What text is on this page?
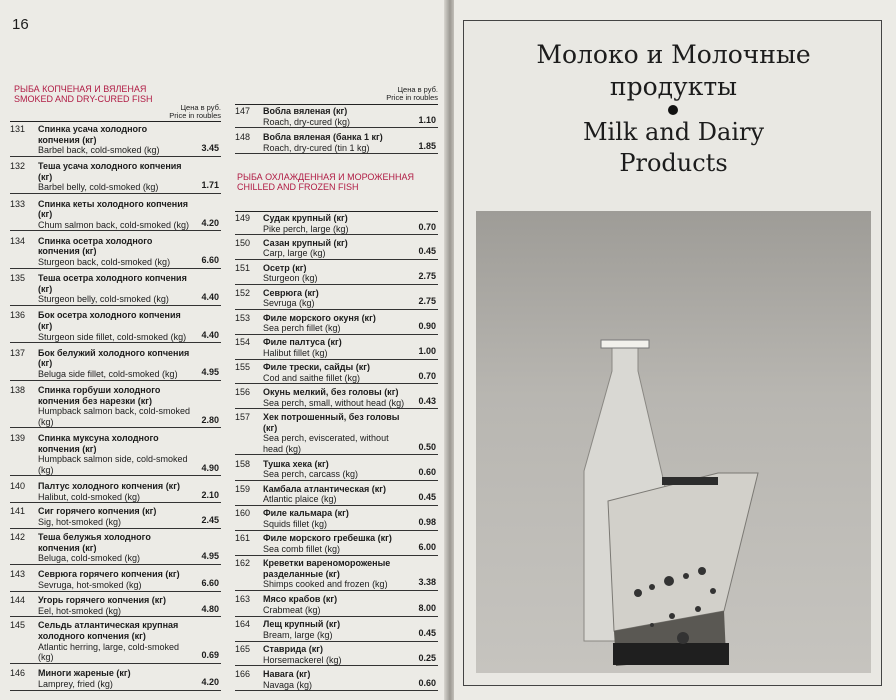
16
РЫБА КОПЧЕНАЯ И ВЯЛЕНАЯ
SMOKED AND DRY-CURED FISH
Цена в руб.
Price in roubles
131 Спинка усача холодного копчения (кг)
Barbel back, cold-smoked (kg)	3.45
132 Теша усача холодного копчения (кг)
Barbel belly, cold-smoked (kg)	1.71
133 Спинка кеты холодного копчения (кг)
Chum salmon back, cold-smoked (kg) 4.20
134 Спинка осетра холодного копчения (кг)
Sturgeon back, cold-smoked (kg)	6.60
135 Теша осетра холодного копчения (кг)
Sturgeon belly, cold-smoked (kg)	4.40
136 Бок осетра холодного копчения (кг)
Sturgeon side fillet, cold-smoked (kg)	4.40
137 Бок белужий холодного копчения (кг)
Beluga side fillet, cold-smoked (kg)	4.95
138 Спинка горбуши холодного копчения без нарезки (кг)
Humpback salmon back, cold-smoked (kg)	2.80
139 Спинка муксуна холодного копчения (кг)
Humpback salmon side, cold-smoked (kg)	4.90
140 Палтус холодного копчения (кг)
Halibut, cold-smoked (kg)	2.10
141 Сиг горячего копчения (кг)
Sig, hot-smoked (kg)	2.45
142 Теша белужья холодного копчения (кг)
Beluga, cold-smoked (kg)	4.95
143 Севрюга горячего копчения (кг)
Sevruga, hot-smoked (kg)	6.60
144 Угорь горячего копчения (кг)
Eel, hot-smoked (kg)	4.80
145 Сельдь атлантическая крупная холодного копчения (кг)
Atlantic herring, large, cold-smoked (kg)	0.69
146 Миноги жареные (кг)
Lamprey, fried (kg)	4.20
Цена в руб.
Price in roubles
147 Вобла вяленая (кг)
Roach, dry-cured (kg)	1.10
148 Вобла вяленая (банка 1 кг)
Roach, dry-cured (tin 1 kg)	1.85
РЫБА ОХЛАЖДЕННАЯ И МОРОЖЕННАЯ
CHILLED AND FROZEN FISH
149 Судак крупный (кг)
Pike perch, large (kg)	0.70
150 Сазан крупный (кг)
Carp, large (kg)	0.45
151 Осетр (кг)
Sturgeon (kg)	2.75
152 Севрюга (кг)
Sevruga (kg)	2.75
153 Филе морского окуня (кг)
Sea perch fillet (kg)	0.90
154 Филе палтуса (кг)
Halibut fillet (kg)	1.00
155 Филе трески, сайды (кг)
Cod and saithe fillet (kg)	0.70
156 Окунь мелкий, без головы (кг)
Sea perch, small, without head (kg)	0.43
157 Хек потрошенный, без головы (кг)
Sea perch, eviscerated, without head (kg)	0.50
158 Тушка хека (кг)
Sea perch, carcass (kg)	0.60
159 Камбала атлантическая (кг)
Atlantic plaice (kg)	0.45
160 Филе кальмара (кг)
Squids fillet (kg)	0.98
161 Филе морского гребешка (кг)
Sea comb fillet (kg)	6.00
162 Креветки вареномороженые разделанные (кг)
Shimps cooked and frozen (kg)	3.38
163 Мясо крабов (кг)
Crabmeat (kg)	8.00
164 Лещ крупный (кг)
Bream, large (kg)	0.45
165 Ставрида (кг)
Horsemackerel (kg)	0.25
166 Навага (кг)
Navaga (kg)	0.60
Молоко и Молочные
продукты
Milk and Dairy
Products
